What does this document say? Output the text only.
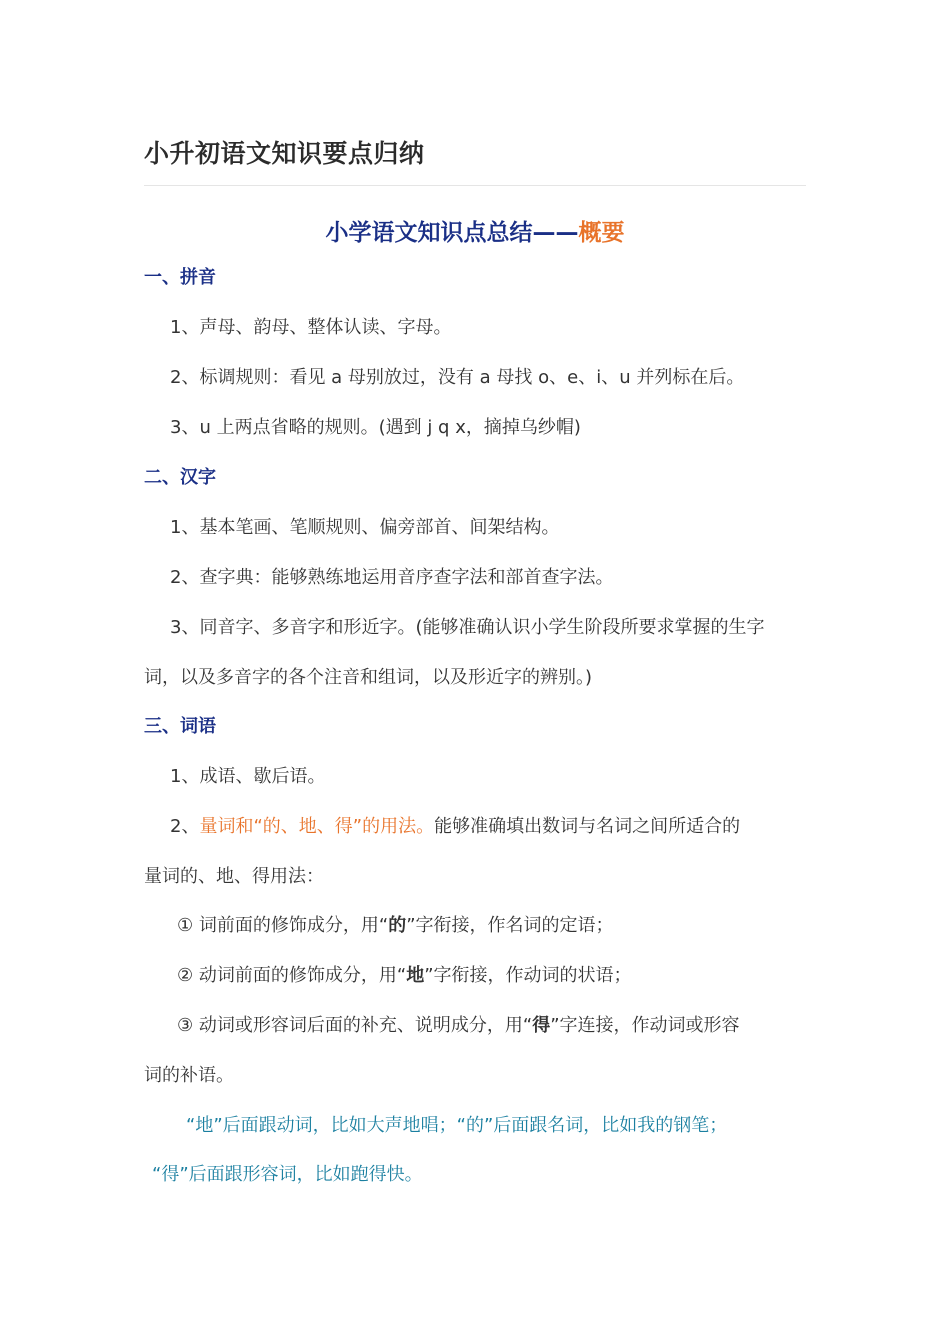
小升初语文知识要点归纳
小学语文知识点总结——概要

一、拼音

1、声母、韵母、整体认读、字母。

2、标调规则：看见 a 母别放过，没有 a 母找 o、e、i、u 并列标在后。

3、u 上两点省略的规则。(遇到 j q x，摘掉乌纱帽)

二、汉字

1、基本笔画、笔顺规则、偏旁部首、间架结构。

2、查字典：能够熟练地运用音序查字法和部首查字法。

3、同音字、多音字和形近字。(能够准确认识小学生阶段所要求掌握的生字

词，以及多音字的各个注音和组词，以及形近字的辨别。)

三、词语

1、成语、歇后语。

2、量词和“的、地、得”的用法。能够准确填出数词与名词之间所适合的

量词的、地、得用法：

① 词前面的修饰成分，用“的”字衔接，作名词的定语；

② 动词前面的修饰成分，用“地”字衔接，作动词的状语；

③ 动词或形容词后面的补充、说明成分，用“得”字连接，作动词或形容

词的补语。

“地”后面跟动词，比如大声地唱；“的”后面跟名词，比如我的钢笔；

“得”后面跟形容词，比如跑得快。
